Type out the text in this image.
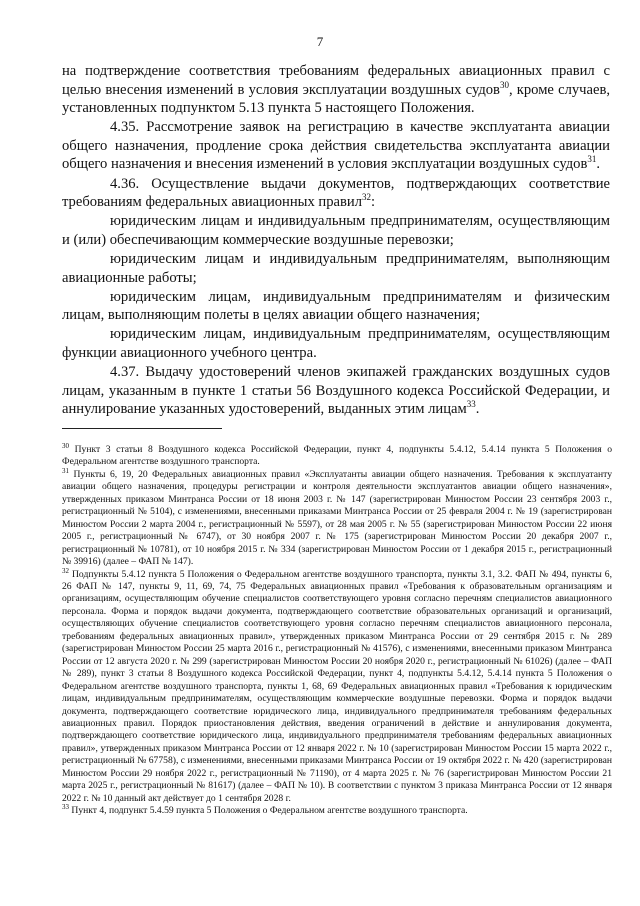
7

на подтверждение соответствия требованиям федеральных авиационных правил с целью внесения изменений в условия эксплуатации воздушных судов$^{30}$, кроме случаев, установленных подпунктом 5.13 пункта 5 настоящего Положения.

4.35. Рассмотрение заявок на регистрацию в качестве эксплуатанта авиации общего назначения, продление срока действия свидетельства эксплуатанта авиации общего назначения и внесения изменений в условия эксплуатации воздушных судов$^{31}$.

4.36. Осуществление выдачи документов, подтверждающих соответствие требованиям федеральных авиационных правил$^{32}$:

юридическим лицам и индивидуальным предпринимателям, осуществляющим и (или) обеспечивающим коммерческие воздушные перевозки;

юридическим лицам и индивидуальным предпринимателям, выполняющим авиационные работы;

юридическим лицам, индивидуальным предпринимателям и физическим лицам, выполняющим полеты в целях авиации общего назначения;

юридическим лицам, индивидуальным предпринимателям, осуществляющим функции авиационного учебного центра.

4.37. Выдачу удостоверений членов экипажей гражданских воздушных судов лицам, указанным в пункте 1 статьи 56 Воздушного кодекса Российской Федерации, и аннулирование указанных удостоверений, выданных этим лицам$^{33}$.

$^{30}$ Пункт 3 статьи 8 Воздушного кодекса Российской Федерации, пункт 4, подпункты 5.4.12, 5.4.14 пункта 5 Положения о Федеральном агентстве воздушного транспорта.

$^{31}$ Пункты 6, 19, 20 Федеральных авиационных правил «Эксплуатанты авиации общего назначения. Требования к эксплуатанту авиации общего назначения, процедуры регистрации и контроля деятельности эксплуатантов авиации общего назначения», утвержденных приказом Минтранса России от 18 июня 2003 г. № 147 (зарегистрирован Минюстом России 23 сентября 2003 г., регистрационный № 5104), с изменениями, внесенными приказами Минтранса России от 25 февраля 2004 г. № 19 (зарегистрирован Минюстом России 2 марта 2004 г., регистрационный № 5597), от 28 мая 2005 г. № 55 (зарегистрирован Минюстом России 22 июня 2005 г., регистрационный № 6747), от 30 ноября 2007 г. № 175 (зарегистрирован Минюстом России 20 декабря 2007 г., регистрационный № 10781), от 10 ноября 2015 г. № 334 (зарегистрирован Минюстом России от 1 декабря 2015 г., регистрационный № 39916) (далее – ФАП № 147).

$^{32}$ Подпункты 5.4.12 пункта 5 Положения о Федеральном агентстве воздушного транспорта, пункты 3.1, 3.2. ФАП № 494, пункты 6, 26 ФАП № 147, пункты 9, 11, 69, 74, 75 Федеральных авиационных правил «Требования к образовательным организациям и организациям, осуществляющим обучение специалистов соответствующего уровня согласно перечням специалистов авиационного персонала. Форма и порядок выдачи документа, подтверждающего соответствие образовательных организаций и организаций, осуществляющих обучение специалистов соответствующего уровня согласно перечням специалистов авиационного персонала, требованиям федеральных авиационных правил», утвержденных приказом Минтранса России от 29 сентября 2015 г. № 289 (зарегистрирован Минюстом России 25 марта 2016 г., регистрационный № 41576), с изменениями, внесенными приказом Минтранса России от 12 августа 2020 г. № 299 (зарегистрирован Минюстом России 20 ноября 2020 г., регистрационный № 61026) (далее – ФАП № 289), пункт 3 статьи 8 Воздушного кодекса Российской Федерации, пункт 4, подпункты 5.4.12, 5.4.14 пункта 5 Положения о Федеральном агентстве воздушного транспорта, пункты 1, 68, 69 Федеральных авиационных правил «Требования к юридическим лицам, индивидуальным предпринимателям, осуществляющим коммерческие воздушные перевозки. Форма и порядок выдачи документа, подтверждающего соответствие юридического лица, индивидуального предпринимателя требованиям федеральных авиационных правил. Порядок приостановления действия, введения ограничений в действие и аннулирования документа, подтверждающего соответствие юридического лица, индивидуального предпринимателя требованиям федеральных авиационных правил», утвержденных приказом Минтранса России от 12 января 2022 г. № 10 (зарегистрирован Минюстом России 15 марта 2022 г., регистрационный № 67758), с изменениями, внесенными приказами Минтранса России от 19 октября 2022 г. № 420 (зарегистрирован Минюстом России 29 ноября 2022 г., регистрационный № 71190), от 4 марта 2025 г. № 76 (зарегистрирован Минюстом России 21 марта 2025 г., регистрационный № 81617) (далее – ФАП № 10). В соответствии с пунктом 3 приказа Минтранса России от 12 января 2022 г. № 10 данный акт действует до 1 сентября 2028 г.

$^{33}$ Пункт 4, подпункт 5.4.59 пункта 5 Положения о Федеральном агентстве воздушного транспорта.
